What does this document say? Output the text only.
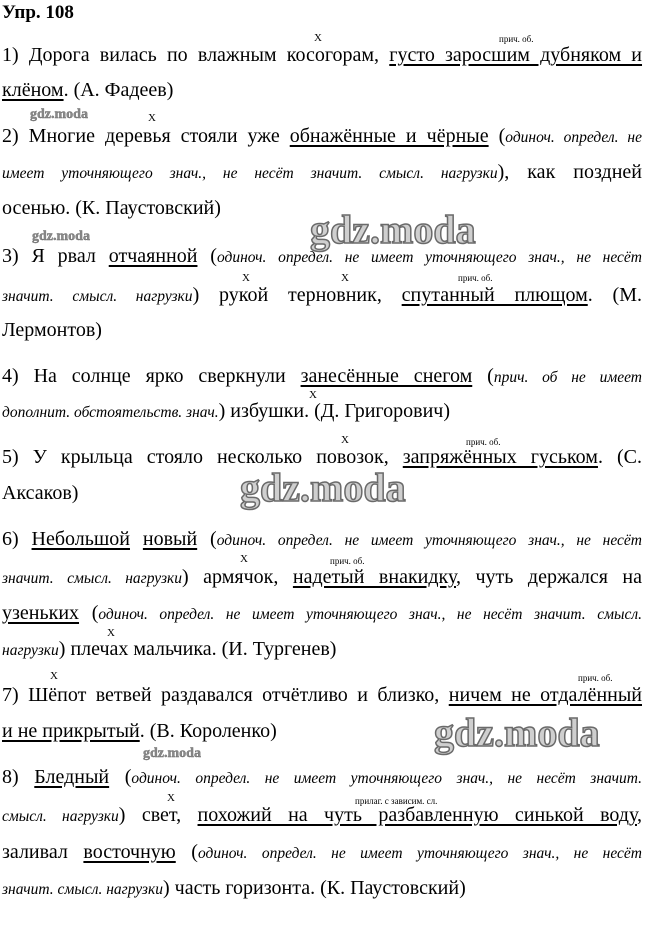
Упр. 108
X	прич. об.
1) Дорога вилась по влажным косогорам, густо заросшим дубняком и
клёном. (А. Фадеев)
X
2) Многие деревья стояли уже обнажённые и чёрные (одиноч. определ. не
имеет уточняющего знач., не несёт значит. смысл. нагрузки), как поздней
осенью. (К. Паустовский)
3) Я рвал отчаянной (одиноч. определ. не имеет уточняющего знач., не несёт
X	X	прич. об.
значит. смысл. нагрузки) рукой терновник, спутанный плющом. (М.
Лермонтов)
4) На солнце ярко сверкнули занесённые снегом (прич. об не имеет
X
дополнит. обстоятельств. знач.) избушки. (Д. Григорович)
X	прич. об.
5) У крыльца стояло несколько повозок, запряжённых гуськом. (С.
Аксаков)
6) Небольшой новый (одиноч. определ. не имеет уточняющего знач., не несёт
X	прич. об.
значит. смысл. нагрузки) армячок, надетый внакидку, чуть держался на
узеньких (одиноч. определ. не имеет уточняющего знач., не несёт значит. смысл.
X
нагрузки) плечах мальчика. (И. Тургенев)
X	прич. об.
7) Шёпот ветвей раздавался отчётливо и близко, ничем не отдалённый
и не прикрытый. (В. Короленко)
8) Бледный (одиноч. определ. не имеет уточняющего знач., не несёт значит.
X	прилаг. с зависим. сл.
смысл. нагрузки) свет, похожий на чуть разбавленную синькой воду,
заливал восточную (одиноч. определ. не имеет уточняющего знач., не несёт
значит. смысл. нагрузки) часть горизонта. (К. Паустовский)
gdz.moda
gdz.moda	gdz.moda
gdz.moda
gdz.moda
gdz.moda
